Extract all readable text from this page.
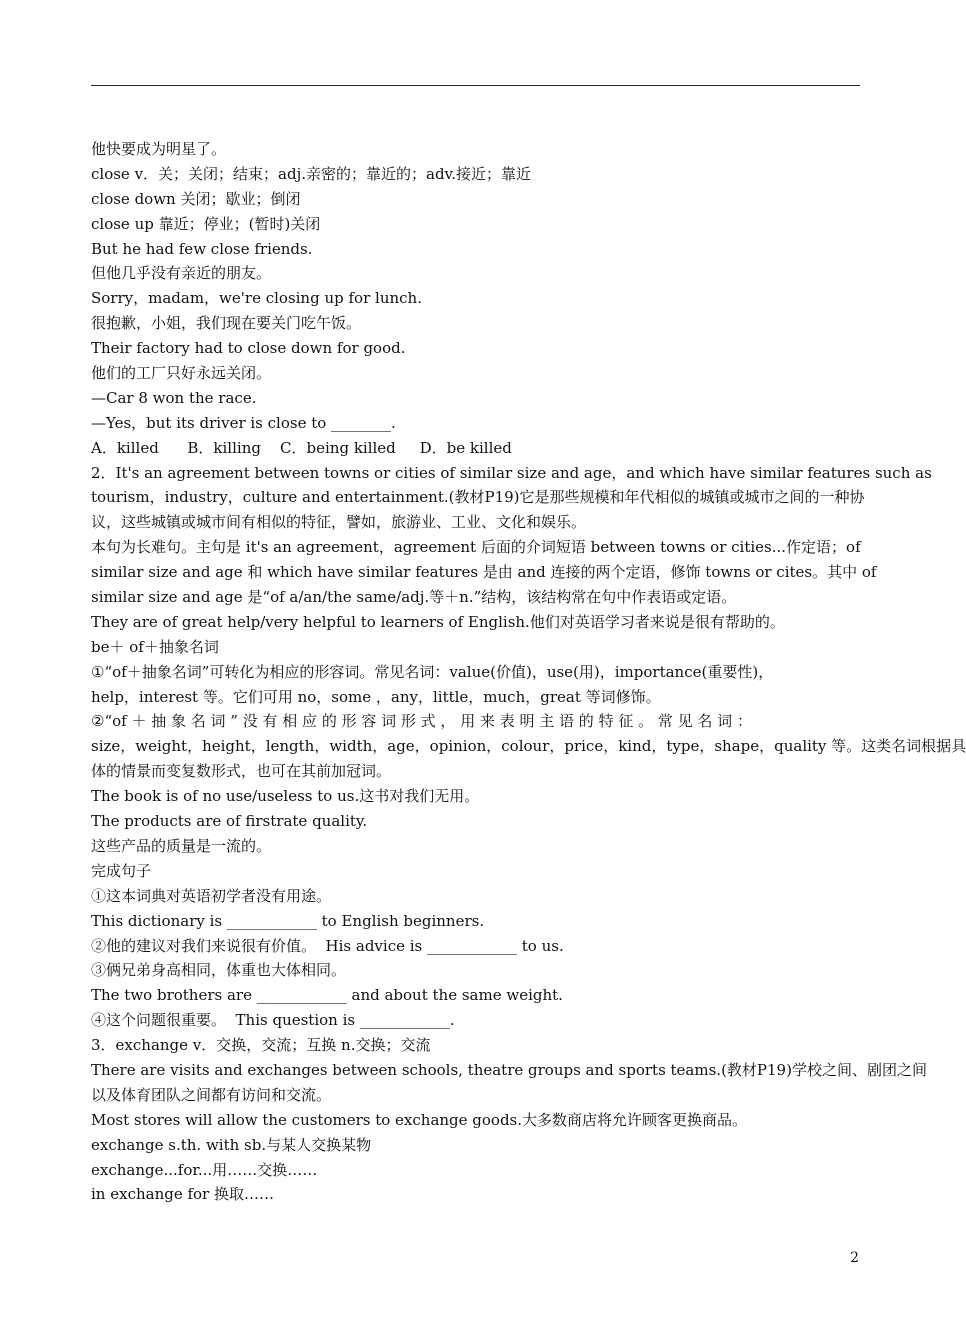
他快要成为明星了。
close v．关；关闭；结束；adj.亲密的；靠近的；adv.接近；靠近
close down 关闭；歇业；倒闭
close up 靠近；停业；(暂时)关闭
But he had few close friends.
但他几乎没有亲近的朋友。
Sorry，madam，we're closing up for lunch.
很抱歉，小姐，我们现在要关门吃午饭。
Their factory had to close down for good.
他们的工厂只好永远关闭。
—Car 8 won the race.
—Yes，but its driver is close to ________.
A．killed      B．killing    C．being killed     D．be killed
2．It's an agreement between towns or cities of similar size and age，and which have similar features such as
tourism，industry，culture and entertainment.(教材P19)它是那些规模和年代相似的城镇或城市之间的一种协
议，这些城镇或城市间有相似的特征，譬如，旅游业、工业、文化和娱乐。
本句为长难句。主句是 it's an agreement，agreement 后面的介词短语 between towns or cities...作定语；of
similar size and age 和 which have similar features 是由 and 连接的两个定语，修饰 towns or cites。其中 of
similar size and age 是“of a/an/the same/adj.等＋n.”结构，该结构常在句中作表语或定语。
They are of great help/very helpful to learners of English.他们对英语学习者来说是很有帮助的。
be＋ of＋抽象名词
①“of＋抽象名词”可转化为相应的形容词。常见名词：value(价值)，use(用)，importance(重要性)，
help，interest 等。它们可用 no，some ，any，little，much，great 等词修饰。
②“of ＋ 抽 象 名 词 ” 没 有 相 应 的 形 容 词 形 式 ， 用 来 表 明 主 语 的 特 征 。 常 见 名 词 ：
size，weight，height，length，width，age，opinion，colour，price，kind，type，shape，quality 等。这类名词根据具
体的情景而变复数形式，也可在其前加冠词。
The book is of no use/useless to us.这书对我们无用。
The products are of firstrate quality.
这些产品的质量是一流的。
完成句子
①这本词典对英语初学者没有用途。
This dictionary is ____________ to English beginners.
②他的建议对我们来说很有价值。  His advice is ____________ to us.
③俩兄弟身高相同，体重也大体相同。
The two brothers are ____________ and about the same weight.
④这个问题很重要。  This question is ____________.
3．exchange v．交换，交流；互换 n.交换；交流
There are visits and exchanges between schools, theatre groups and sports teams.(教材P19)学校之间、剧团之间
以及体育团队之间都有访问和交流。
Most stores will allow the customers to exchange goods.大多数商店将允许顾客更换商品。
exchange s.th. with sb.与某人交换某物
exchange...for...用……交换……
in exchange for 换取……
2
